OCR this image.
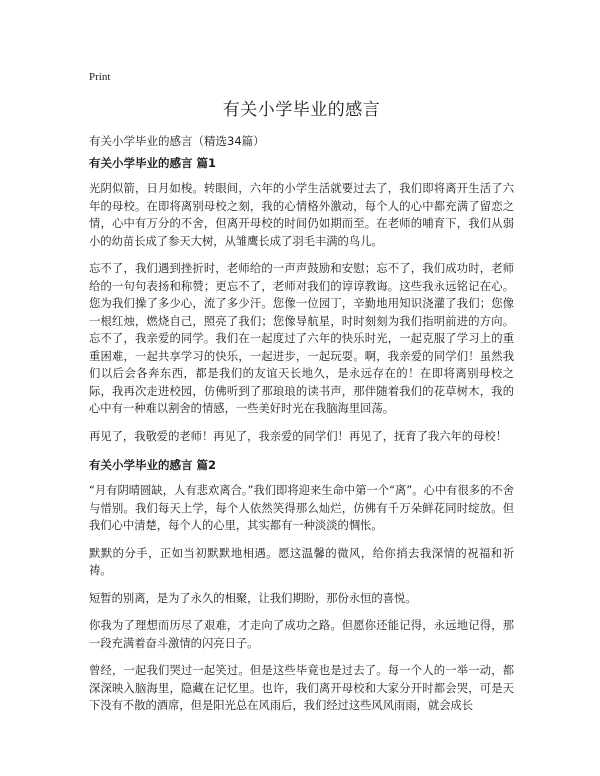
Print
有关小学毕业的感言
有关小学毕业的感言（精选34篇）
有关小学毕业的感言 篇1

光阴似箭，日月如梭。转眼间，六年的小学生活就要过去了，我们即将离开生活了六年的母校。在即将离别母校之刻，我的心情格外激动，每个人的心中都充满了留恋之情，心中有万分的不舍，但离开母校的时间仍如期而至。在老师的哺育下，我们从弱小的幼苗长成了参天大树，从雏鹰长成了羽毛丰满的鸟儿。

忘不了，我们遇到挫折时，老师给的一声声鼓励和安慰；忘不了，我们成功时，老师给的一句句表扬和称赞；更忘不了，老师对我们的谆谆教诲。这些我永远铭记在心。您为我们操了多少心，流了多少汗。您像一位园丁，辛勤地用知识浇灌了我们；您像一根红烛，燃烧自己，照亮了我们；您像导航星，时时刻刻为我们指明前进的方向。忘不了，我亲爱的同学。我们在一起度过了六年的快乐时光，一起克服了学习上的重重困难，一起共享学习的快乐，一起进步，一起玩耍。啊，我亲爱的同学们！虽然我们以后会各奔东西，都是我们的友谊天长地久，是永远存在的！在即将离别母校之际，我再次走进校园，仿佛听到了那琅琅的读书声，那伴随着我们的花草树木，我的心中有一种难以割舍的情感，一些美好时光在我脑海里回荡。

再见了，我敬爱的老师！再见了，我亲爱的同学们！再见了，抚育了我六年的母校！

有关小学毕业的感言 篇2

“月有阴晴圆缺，人有悲欢离合。”我们即将迎来生命中第一个“离”。心中有很多的不舍与惜别。我们每天上学，每个人依然笑得那么灿烂，仿佛有千万朵鲜花同时绽放。但我们心中清楚，每个人的心里，其实都有一种淡淡的惆怅。

默默的分手，正如当初默默地相遇。愿这温馨的微风，给你捎去我深情的祝福和祈祷。

短暂的别离，是为了永久的相聚，让我们期盼，那份永恒的喜悦。

你我为了理想而历尽了艰难，才走向了成功之路。但愿你还能记得，永远地记得，那一段充满着奋斗激情的闪亮日子。

曾经，一起我们哭过一起笑过。但是这些毕竟也是过去了。每一个人的一举一动，都深深映入脑海里，隐藏在记忆里。也许，我们离开母校和大家分开时都会哭，可是天下没有不散的酒席，但是阳光总在风雨后，我们经过这些风风雨雨，就会成长
